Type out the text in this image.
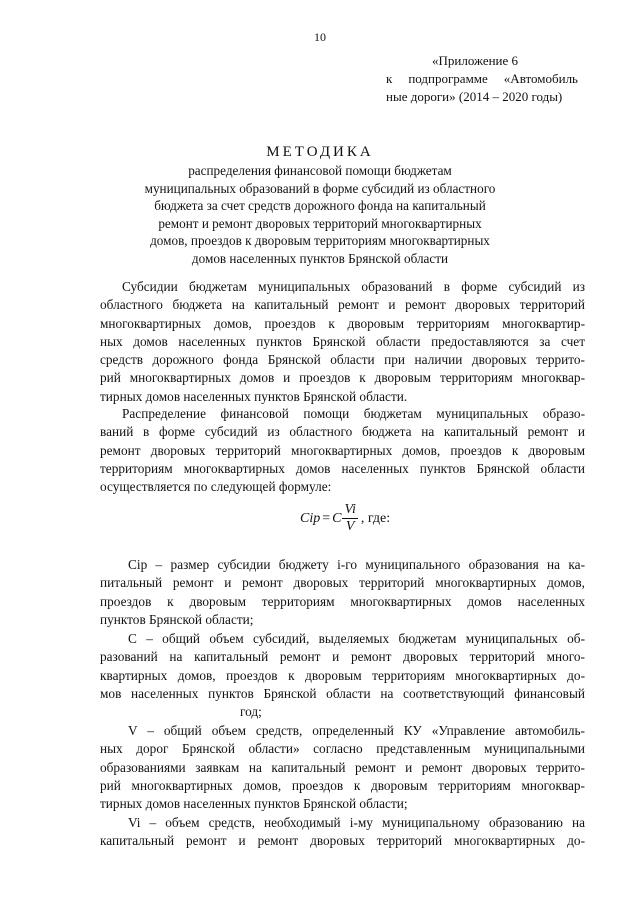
10
«Приложение 6
к подпрограмме «Автомобиль
ные дороги» (2014 – 2020 годы)
МЕТОДИКА
распределения финансовой помощи бюджетам
муниципальных образований в форме субсидий из областного
бюджета за счет средств дорожного фонда на капитальный
ремонт и ремонт дворовых территорий многоквартирных
домов, проездов к дворовым территориям многоквартирных
домов населенных пунктов Брянской области
Субсидии бюджетам муниципальных образований в форме субсидий из
областного бюджета на капитальный ремонт и ремонт дворовых территорий
многоквартирных домов, проездов к дворовым территориям многоквартир-
ных домов населенных пунктов Брянской области предоставляются за счет
средств дорожного фонда Брянской области при наличии дворовых террито-
рий многоквартирных домов и проездов к дворовым территориям многоквар-
тирных домов населенных пунктов Брянской области.
Распределение финансовой помощи бюджетам муниципальных образо-
ваний в форме субсидий из областного бюджета на капитальный ремонт и
ремонт дворовых территорий многоквартирных домов, проездов к дворовым
территориям многоквартирных домов населенных пунктов Брянской области
осуществляется по следующей формуле:
Cip = C $\frac{Vi}{V}$ , где:
Cip – размер субсидии бюджету i-го муниципального образования на ка-
питальный ремонт и ремонт дворовых территорий многоквартирных домов,
проездов к дворовым территориям многоквартирных домов населенных
пунктов Брянской области;
С – общий объем субсидий, выделяемых бюджетам муниципальных об-
разований на капитальный ремонт и ремонт дворовых территорий много-
квартирных домов, проездов к дворовым территориям многоквартирных до-
мов населенных пунктов Брянской области на соответствующий финансовый
год;
V – общий объем средств, определенный КУ «Управление автомобиль-
ных дорог Брянской области» согласно представленным муниципальными
образованиями заявкам на капитальный ремонт и ремонт дворовых террито-
рий многоквартирных домов, проездов к дворовым территориям многоквар-
тирных домов населенных пунктов Брянской области;
Vi – объем средств, необходимый i-му муниципальному образованию на
капитальный ремонт и ремонт дворовых территорий многоквартирных до-
